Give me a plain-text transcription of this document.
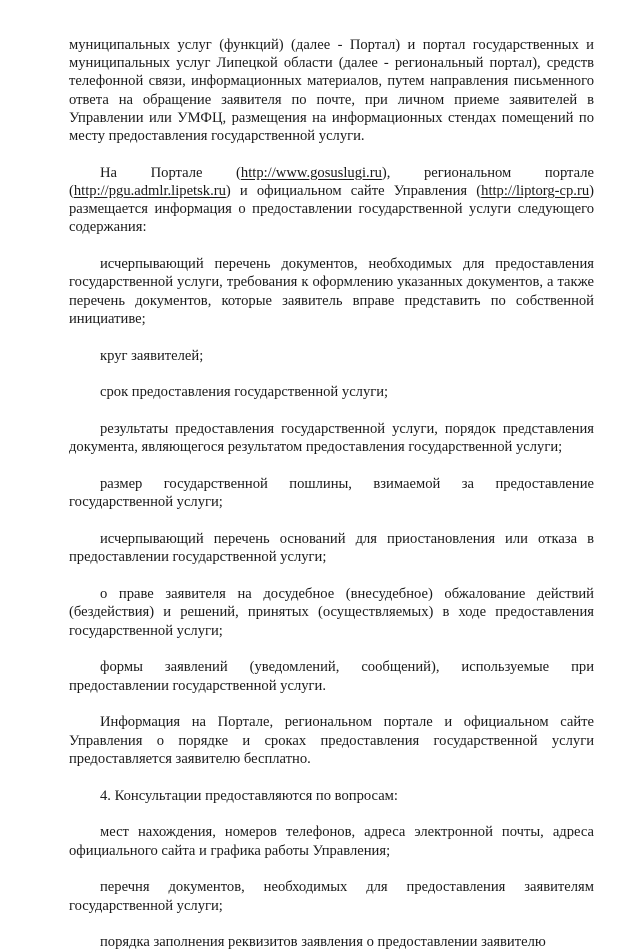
муниципальных услуг (функций) (далее - Портал) и портал государственных и муниципальных услуг Липецкой области (далее - региональный портал), средств телефонной связи, информационных материалов, путем направления письменного ответа на обращение заявителя по почте, при личном приеме заявителей в Управлении или УМФЦ, размещения на информационных стендах помещений по месту предоставления государственной услуги.

На Портале (http://www.gosuslugi.ru), региональном портале (http://pgu.admlr.lipetsk.ru) и официальном сайте Управления (http://liptorg-cp.ru) размещается информация о предоставлении государственной услуги следующего содержания:

исчерпывающий перечень документов, необходимых для предоставления государственной услуги, требования к оформлению указанных документов, а также перечень документов, которые заявитель вправе представить по собственной инициативе;

круг заявителей;

срок предоставления государственной услуги;

результаты предоставления государственной услуги, порядок представления документа, являющегося результатом предоставления государственной услуги;

размер государственной пошлины, взимаемой за предоставление государственной услуги;

исчерпывающий перечень оснований для приостановления или отказа в предоставлении государственной услуги;

о праве заявителя на досудебное (внесудебное) обжалование действий (бездействия) и решений, принятых (осуществляемых) в ходе предоставления государственной услуги;

формы заявлений (уведомлений, сообщений), используемые при предоставлении государственной услуги.

Информация на Портале, региональном портале и официальном сайте Управления о порядке и сроках предоставления государственной услуги предоставляется заявителю бесплатно.

4. Консультации предоставляются по вопросам:

мест нахождения, номеров телефонов, адреса электронной почты, адреса официального сайта и графика работы Управления;

перечня документов, необходимых для предоставления заявителям государственной услуги;

порядка заполнения реквизитов заявления о предоставлении заявителю
